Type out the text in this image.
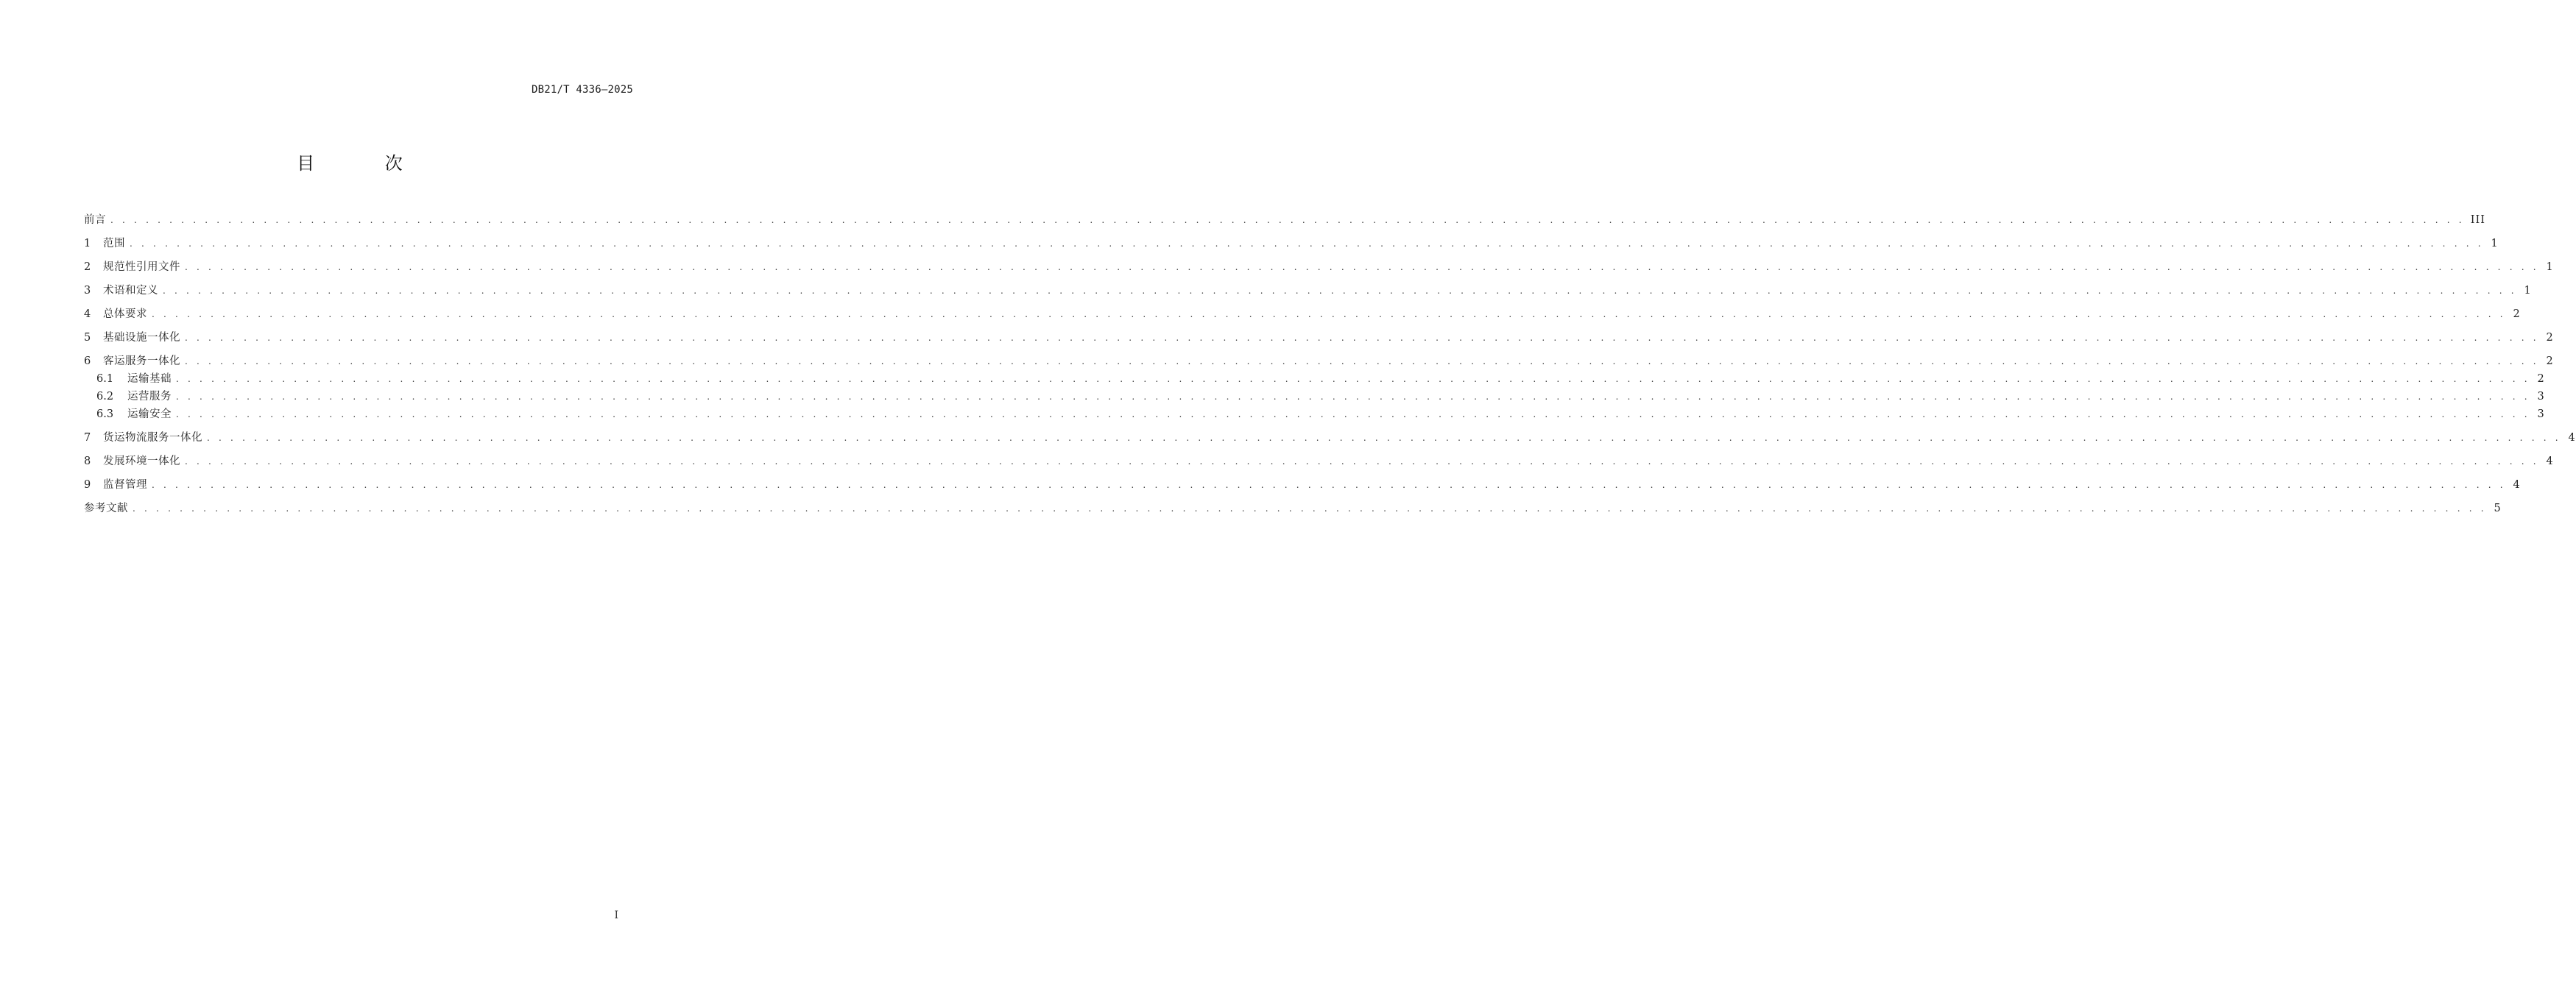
DB21/T 4336—2025
目 次
前言 . . . . . . . . . . . . . . . . . . . . . . . . . . . . . . . . . . . . . . . . . . . . . . . . . . . . . . . . . . . . . . . . . . . . . . . . . . . . . . . . . . . . . . . . . . . . . . . . . . . . . . . . . . . . . . . . . . . . . . . . . . . . . . . . . . . . . . . . . . . . . . . . . . . . . . . . . . . . . . . . . . . . . . . . . . . . . . . . . . . . . . . . . . . . . . . . . . . . . . . . III
1	范围 . . . . . . . . . . . . . . . . . . . . . . . . . . . . . . . . . . . . . . . . . . . . . . . . . . . . . . . . . . . . . . . . . . . . . . . . . . . . . . . . . . . . . . . . . . . . . . . . . . . . . . . . . . . . . . . . . . . . . . . . . . . . . . . . . . . . . . . . . . . . . . . . . . . . . . . . . . . . . . . . . . . . . . . . . . . . . . . . . . . . . . . . . . . . . . . . . . . . . . . . 1
2	规范性引用文件 . . . . . . . . . . . . . . . . . . . . . . . . . . . . . . . . . . . . . . . . . . . . . . . . . . . . . . . . . . . . . . . . . . . . . . . . . . . . . . . . . . . . . . . . . . . . . . . . . . . . . . . . . . . . . . . . . . . . . . . . . . . . . . . . . . . . . . . . . . . . . . . . . . . . . . . . . . . . . . . . . . . . . . . . . . . . . . . . . . . . . . . . . . . . . . . . . . . . . . . . 1
3	术语和定义 . . . . . . . . . . . . . . . . . . . . . . . . . . . . . . . . . . . . . . . . . . . . . . . . . . . . . . . . . . . . . . . . . . . . . . . . . . . . . . . . . . . . . . . . . . . . . . . . . . . . . . . . . . . . . . . . . . . . . . . . . . . . . . . . . . . . . . . . . . . . . . . . . . . . . . . . . . . . . . . . . . . . . . . . . . . . . . . . . . . . . . . . . . . . . . . . . . . . . . . . 1
4	总体要求 . . . . . . . . . . . . . . . . . . . . . . . . . . . . . . . . . . . . . . . . . . . . . . . . . . . . . . . . . . . . . . . . . . . . . . . . . . . . . . . . . . . . . . . . . . . . . . . . . . . . . . . . . . . . . . . . . . . . . . . . . . . . . . . . . . . . . . . . . . . . . . . . . . . . . . . . . . . . . . . . . . . . . . . . . . . . . . . . . . . . . . . . . . . . . . . . . . . . . . . . 2
5	基础设施一体化 . . . . . . . . . . . . . . . . . . . . . . . . . . . . . . . . . . . . . . . . . . . . . . . . . . . . . . . . . . . . . . . . . . . . . . . . . . . . . . . . . . . . . . . . . . . . . . . . . . . . . . . . . . . . . . . . . . . . . . . . . . . . . . . . . . . . . . . . . . . . . . . . . . . . . . . . . . . . . . . . . . . . . . . . . . . . . . . . . . . . . . . . . . . . . . . . . . . . . . . . 2
6	客运服务一体化 . . . . . . . . . . . . . . . . . . . . . . . . . . . . . . . . . . . . . . . . . . . . . . . . . . . . . . . . . . . . . . . . . . . . . . . . . . . . . . . . . . . . . . . . . . . . . . . . . . . . . . . . . . . . . . . . . . . . . . . . . . . . . . . . . . . . . . . . . . . . . . . . . . . . . . . . . . . . . . . . . . . . . . . . . . . . . . . . . . . . . . . . . . . . . . . . . . . . . . . . 2
6.1	运输基础 . . . . . . . . . . . . . . . . . . . . . . . . . . . . . . . . . . . . . . . . . . . . . . . . . . . . . . . . . . . . . . . . . . . . . . . . . . . . . . . . . . . . . . . . . . . . . . . . . . . . . . . . . . . . . . . . . . . . . . . . . . . . . . . . . . . . . . . . . . . . . . . . . . . . . . . . . . . . . . . . . . . . . . . . . . . . . . . . . . . . . . . . . . . . . . . . . . . . . . . . 2
6.2	运营服务 . . . . . . . . . . . . . . . . . . . . . . . . . . . . . . . . . . . . . . . . . . . . . . . . . . . . . . . . . . . . . . . . . . . . . . . . . . . . . . . . . . . . . . . . . . . . . . . . . . . . . . . . . . . . . . . . . . . . . . . . . . . . . . . . . . . . . . . . . . . . . . . . . . . . . . . . . . . . . . . . . . . . . . . . . . . . . . . . . . . . . . . . . . . . . . . . . . . . . . . . 3
6.3	运输安全 . . . . . . . . . . . . . . . . . . . . . . . . . . . . . . . . . . . . . . . . . . . . . . . . . . . . . . . . . . . . . . . . . . . . . . . . . . . . . . . . . . . . . . . . . . . . . . . . . . . . . . . . . . . . . . . . . . . . . . . . . . . . . . . . . . . . . . . . . . . . . . . . . . . . . . . . . . . . . . . . . . . . . . . . . . . . . . . . . . . . . . . . . . . . . . . . . . . . . . . . 3
7	货运物流服务一体化 . . . . . . . . . . . . . . . . . . . . . . . . . . . . . . . . . . . . . . . . . . . . . . . . . . . . . . . . . . . . . . . . . . . . . . . . . . . . . . . . . . . . . . . . . . . . . . . . . . . . . . . . . . . . . . . . . . . . . . . . . . . . . . . . . . . . . . . . . . . . . . . . . . . . . . . . . . . . . . . . . . . . . . . . . . . . . . . . . . . . . . . . . . . . . . . . . . . . . . . . 4
8	发展环境一体化 . . . . . . . . . . . . . . . . . . . . . . . . . . . . . . . . . . . . . . . . . . . . . . . . . . . . . . . . . . . . . . . . . . . . . . . . . . . . . . . . . . . . . . . . . . . . . . . . . . . . . . . . . . . . . . . . . . . . . . . . . . . . . . . . . . . . . . . . . . . . . . . . . . . . . . . . . . . . . . . . . . . . . . . . . . . . . . . . . . . . . . . . . . . . . . . . . . . . . . . . 4
9	监督管理 . . . . . . . . . . . . . . . . . . . . . . . . . . . . . . . . . . . . . . . . . . . . . . . . . . . . . . . . . . . . . . . . . . . . . . . . . . . . . . . . . . . . . . . . . . . . . . . . . . . . . . . . . . . . . . . . . . . . . . . . . . . . . . . . . . . . . . . . . . . . . . . . . . . . . . . . . . . . . . . . . . . . . . . . . . . . . . . . . . . . . . . . . . . . . . . . . . . . . . . . 4
参考文献 . . . . . . . . . . . . . . . . . . . . . . . . . . . . . . . . . . . . . . . . . . . . . . . . . . . . . . . . . . . . . . . . . . . . . . . . . . . . . . . . . . . . . . . . . . . . . . . . . . . . . . . . . . . . . . . . . . . . . . . . . . . . . . . . . . . . . . . . . . . . . . . . . . . . . . . . . . . . . . . . . . . . . . . . . . . . . . . . . . . . . . . . . . . . . . . . . . . . . . . . 5
I
